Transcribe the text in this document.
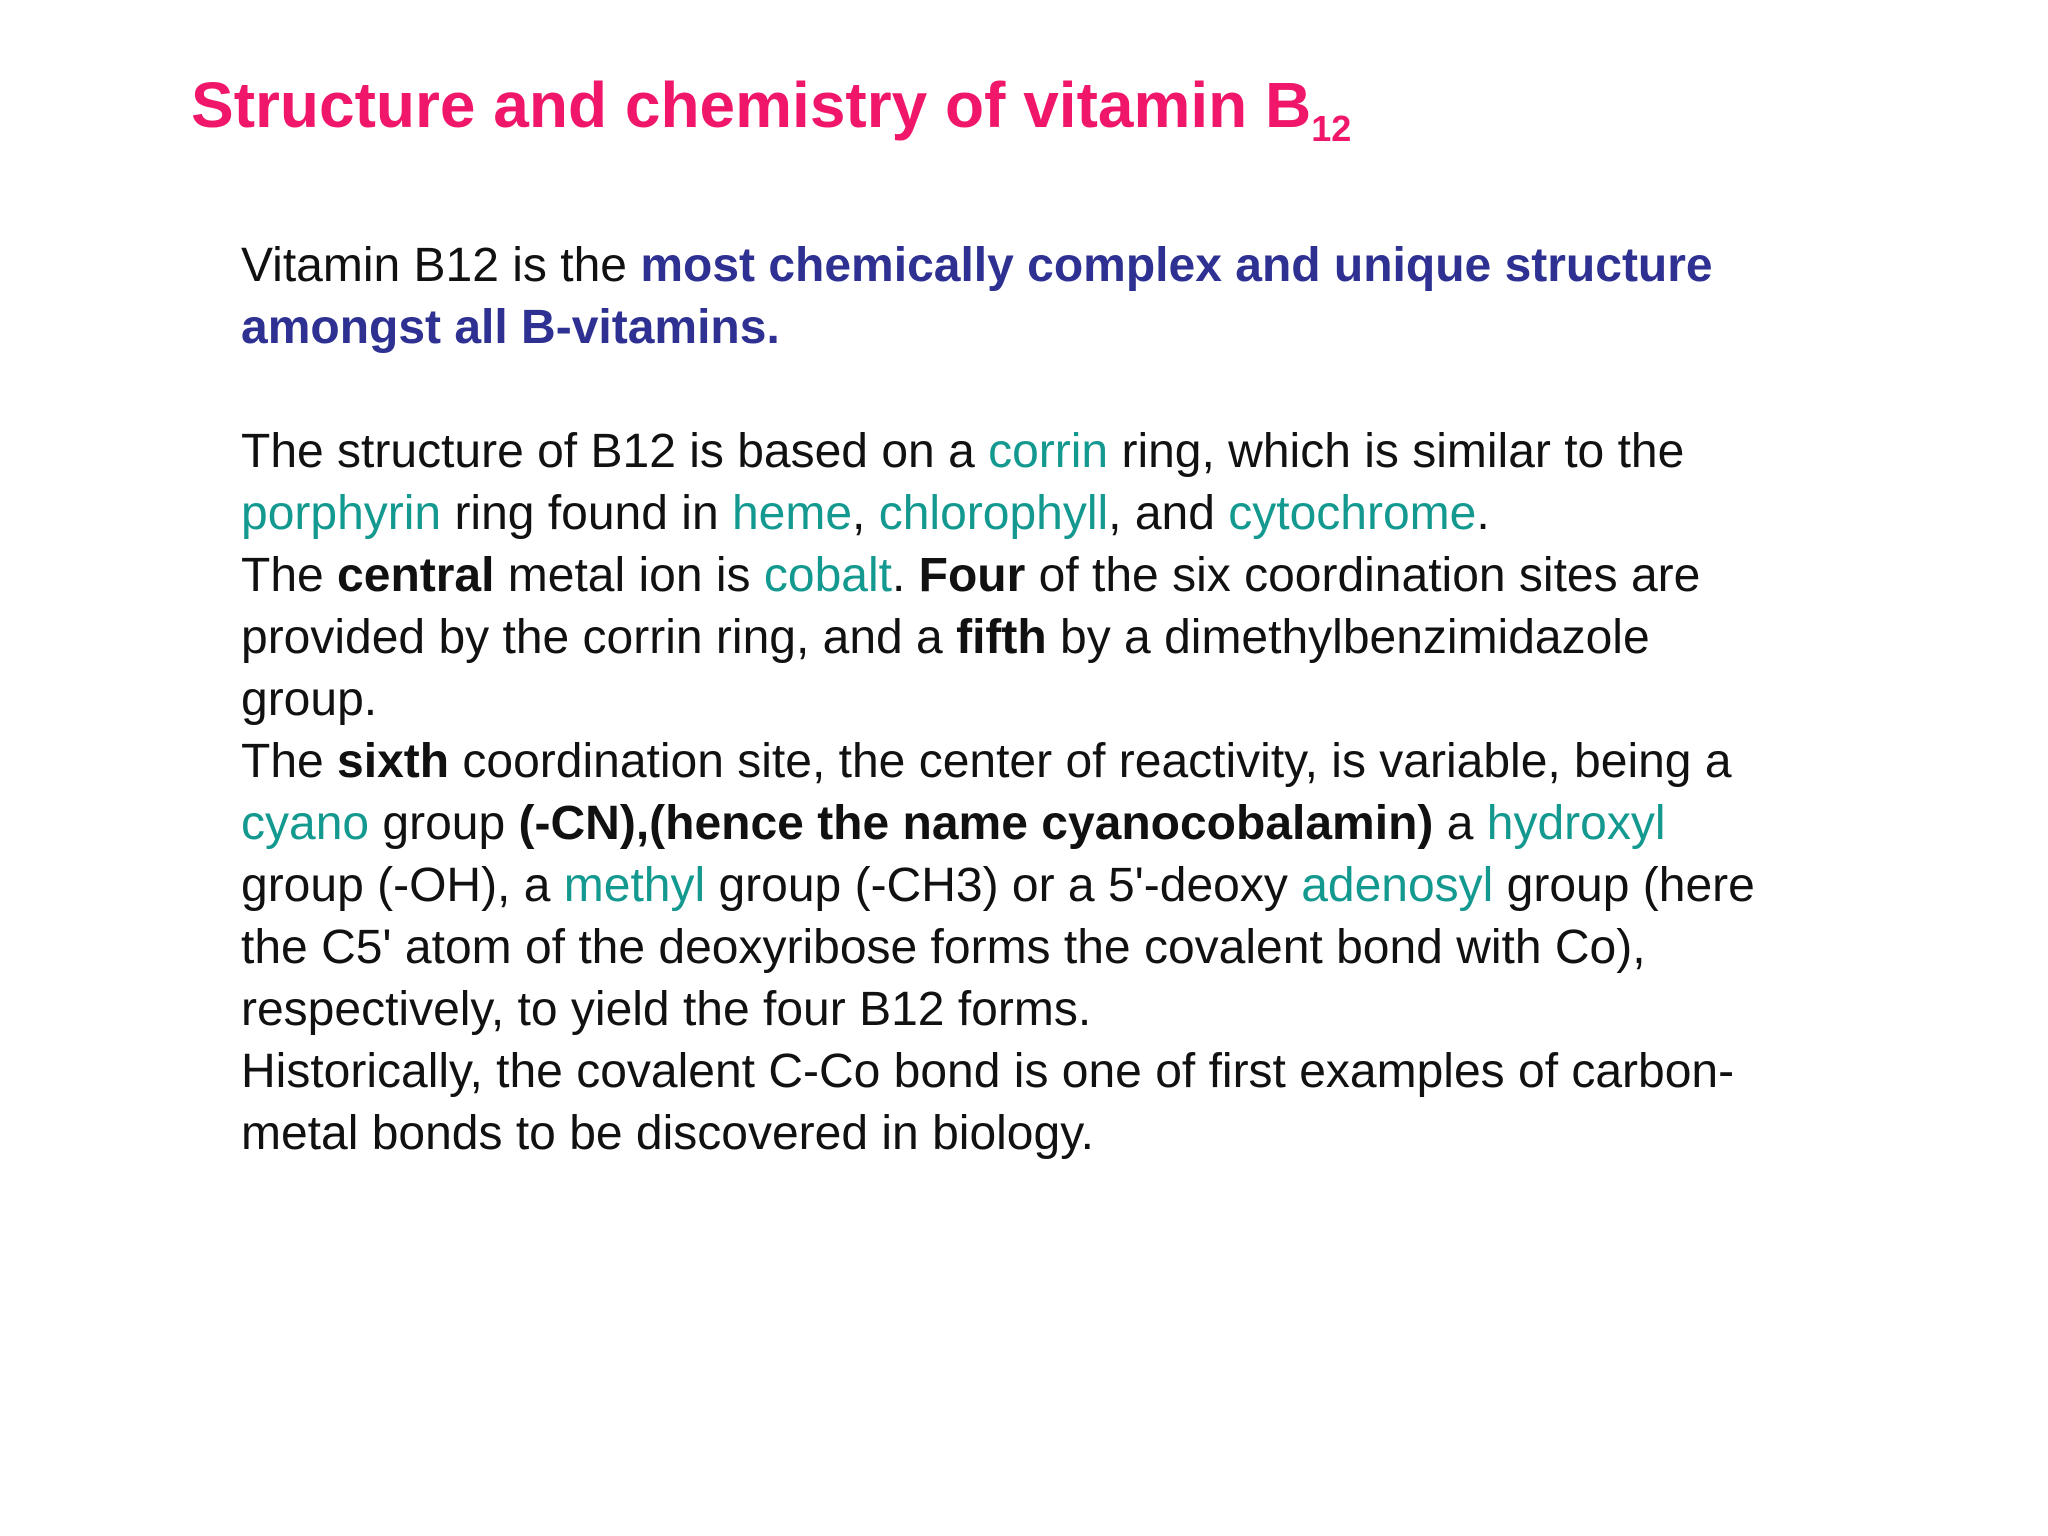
Structure and chemistry of vitamin $B_{12}$

Vitamin B12 is the most chemically complex and unique structure amongst all B-vitamins.

The structure of B12 is based on a corrin ring, which is similar to the porphyrin ring found in heme, chlorophyll, and cytochrome.

The central metal ion is cobalt. Four of the six coordination sites are provided by the corrin ring, and a fifth by a dimethylbenzimidazole group.

The sixth coordination site, the center of reactivity, is variable, being a cyano group (-CN),(hence the name cyanocobalamin) a hydroxyl group (-OH), a methyl group (-CH3) or a 5'-deoxy adenosyl group (here the C5' atom of the deoxyribose forms the covalent bond with Co), respectively, to yield the four B12 forms.

Historically, the covalent C-Co bond is one of first examples of carbon-metal bonds to be discovered in biology.
